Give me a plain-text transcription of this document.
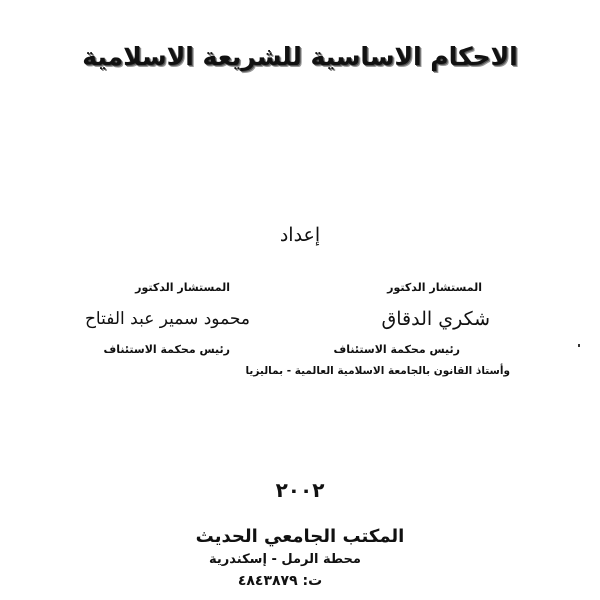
الاحكام الاساسية للشريعة الاسلامية
إعداد
المستشار الدكتور
شكري الدقاق
رئيس محكمة الاستئناف
وأستاذ القانون بالجامعة الاسلامية العالمية - بماليزيا
المستشار الدكتور
محمود سمير عبد الفتاح
رئيس محكمة الاستئناف
٢٠٠٢
المكتب الجامعي الحديث
محطة الرمل - إسكندرية
ت: ٤٨٤٣٨٧٩
